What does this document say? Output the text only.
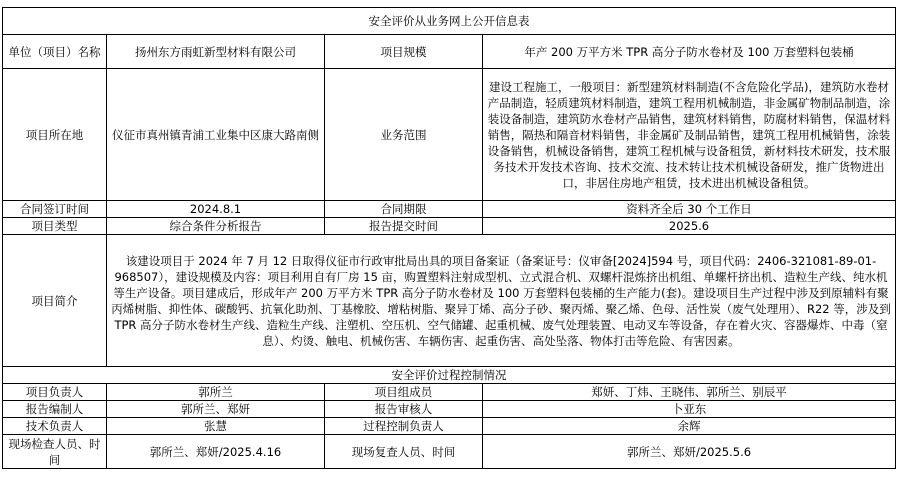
安全评价从业务网上公开信息表			
单位（项目）名称	扬州东方雨虹新型材料有限公司	项目规模	年产 200 万平方米 TPR 高分子防水卷材及 100 万套塑料包装桶
项目所在地	仪征市真州镇青浦工业集中区康大路南侧	业务范围	建设工程施工，一般项目：新型建筑材料制造(不含危险化学品)，建筑防水卷材产品制造，轻质建筑材料制造，建筑工程用机械制造，非金属矿物制品制造，涂装设备制造，建筑防水卷材产品销售，建筑材料销售，防腐材料销售，保温材料销售，隔热和隔音材料销售，非金属矿及制品销售，建筑工程用机械销售，涂装设备销售，机械设备销售，建筑工程机械与设备租赁，新材料技术研发，技术服务技术开发技术咨询、技术交流、技术转让技术机械设备研发，推广货物进出口，非居住房地产租赁，技术进出机械设备租赁。
合同签订时间	2024.8.1	合同期限	资料齐全后 30 个工作日
项目类型	综合条件分析报告	报告提交时间	2025.6
项目简介	该建设项目于 2024 年 7 月 12 日取得仪征市行政审批局出具的项目备案证（备案证号：仪审备[2024]594 号，项目代码：2406-321081-89-01-968507），建设规模及内容：项目利用自有厂房 15 亩，购置塑料注射成型机、立式混合机、双螺杆混炼挤出机组、单螺杆挤出机、造粒生产线、纯水机等生产设备。项目建成后，形成年产 200 万平方米 TPR 高分子防水卷材及 100 万套塑料包装桶的生产能力(套)。建设项目生产过程中涉及到原辅料有聚丙烯树脂、抑性体、碳酸钙、抗氧化助剂、丁基橡胶、增粘树脂、聚异丁烯、高分子砂、聚丙烯、聚乙烯、色母、活性炭（废气处理用）、R22 等，涉及到 TPR 高分子防水卷材生产线、造粒生产线、注塑机、空压机、空气储罐、起重机械、废气处理装置、电动叉车等设备，存在着火灾、容器爆炸、中毒（窒息）、灼烫、触电、机械伤害、车辆伤害、起重伤害、高处坠落、物体打击等危险、有害因素。		
安全评价过程控制情况			
项目负责人	郭所兰	项目组成员	郑妍、丁炜、王晓伟、郭所兰、别辰平
报告编制人	郭所兰、郑妍	报告审核人	卜亚东
技术负责人	张慧	过程控制负责人	余辉
现场检查人员、时间	郭所兰、郑妍/2025.4.16	现场复查人员、时间	郭所兰、郑妍/2025.5.6
